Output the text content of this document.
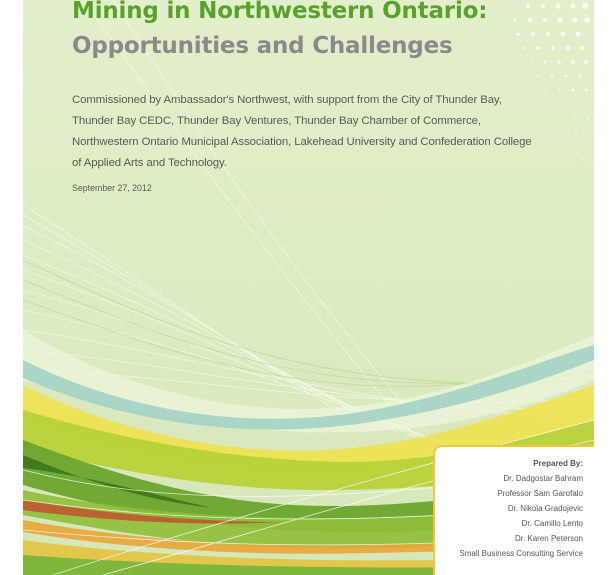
Mining in Northwestern Ontario:
Opportunities and Challenges

Commissioned by Ambassador's Northwest, with support from the City of Thunder Bay, Thunder Bay CEDC, Thunder Bay Ventures, Thunder Bay Chamber of Commerce, Northwestern Ontario Municipal Association, Lakehead University and Confederation College of Applied Arts and Technology.

September 27, 2012

Prepared By:
Dr. Dadgostar Bahram
Professor Sam Garofalo
Dr. Nikola Gradojevic
Dr. Camillo Lento
Dr. Karen Peterson
Small Business Consulting Service
